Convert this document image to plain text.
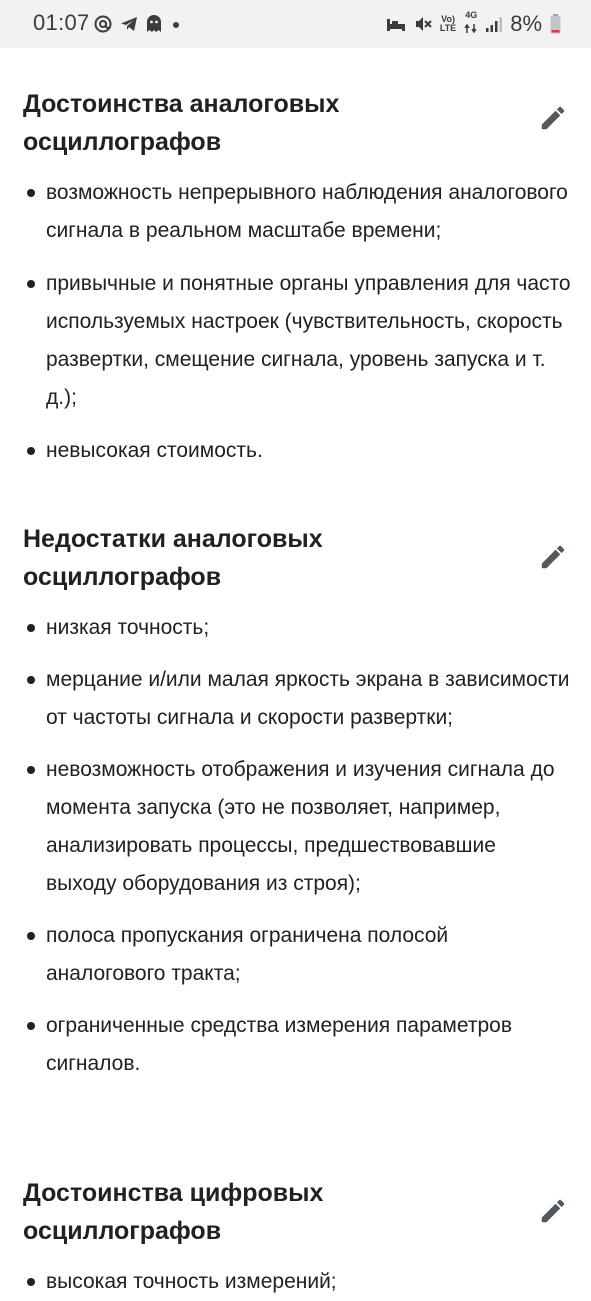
01:07	Vo)
LTE
4G 8%
Достоинства аналоговых осциллографов
возможность непрерывного наблюдения аналогового сигнала в реальном масштабе времени;
привычные и понятные органы управления для часто используемых настроек (чувствительность, скорость развертки, смещение сигнала, уровень запуска и т. д.);
невысокая стоимость.
Недостатки аналоговых осциллографов
низкая точность;
мерцание и/или малая яркость экрана в зависимости от частоты сигнала и скорости развертки;
невозможность отображения и изучения сигнала до момента запуска (это не позволяет, например, анализировать процессы, предшествовавшие выходу оборудования из строя);
полоса пропускания ограничена полосой аналогового тракта;
ограниченные средства измерения параметров сигналов.
Достоинства цифровых осциллографов
высокая точность измерений;
